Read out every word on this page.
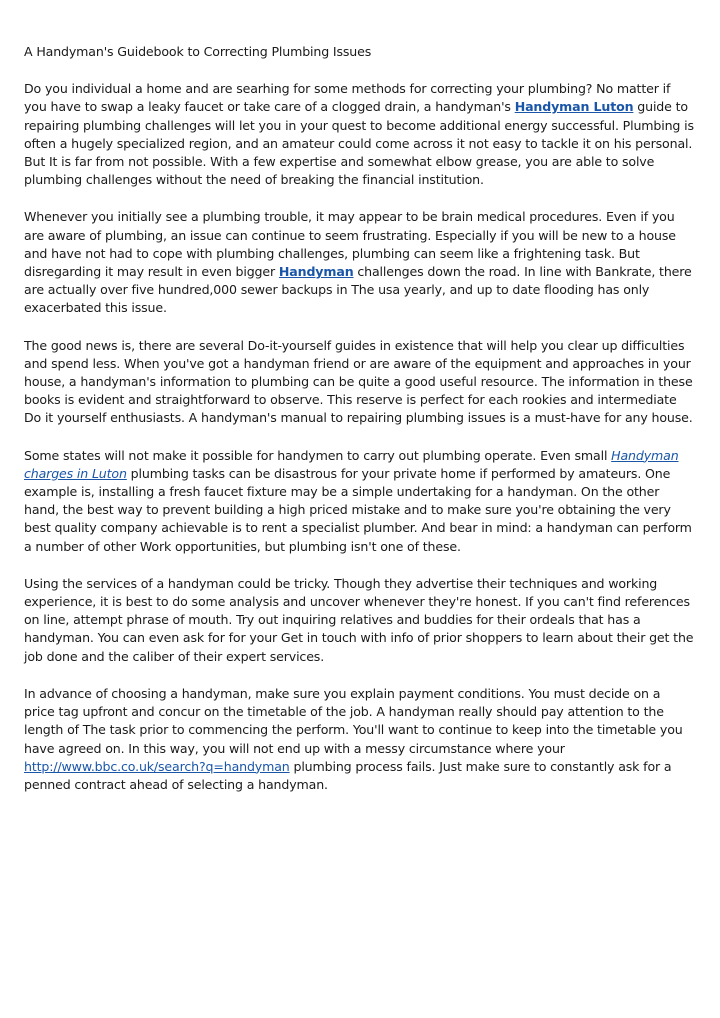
A Handyman's Guidebook to Correcting Plumbing Issues

Do you individual a home and are searhing for some methods for correcting your plumbing? No matter if you have to swap a leaky faucet or take care of a clogged drain, a handyman's Handyman Luton guide to repairing plumbing challenges will let you in your quest to become additional energy successful. Plumbing is often a hugely specialized region, and an amateur could come across it not easy to tackle it on his personal. But It is far from not possible. With a few expertise and somewhat elbow grease, you are able to solve plumbing challenges without the need of breaking the financial institution.

Whenever you initially see a plumbing trouble, it may appear to be brain medical procedures. Even if you are aware of plumbing, an issue can continue to seem frustrating. Especially if you will be new to a house and have not had to cope with plumbing challenges, plumbing can seem like a frightening task. But disregarding it may result in even bigger Handyman challenges down the road. In line with Bankrate, there are actually over five hundred,000 sewer backups in The usa yearly, and up to date flooding has only exacerbated this issue.

The good news is, there are several Do-it-yourself guides in existence that will help you clear up difficulties and spend less. When you've got a handyman friend or are aware of the equipment and approaches in your house, a handyman's information to plumbing can be quite a good useful resource. The information in these books is evident and straightforward to observe. This reserve is perfect for each rookies and intermediate Do it yourself enthusiasts. A handyman's manual to repairing plumbing issues is a must-have for any house.

Some states will not make it possible for handymen to carry out plumbing operate. Even small Handyman charges in Luton plumbing tasks can be disastrous for your private home if performed by amateurs. One example is, installing a fresh faucet fixture may be a simple undertaking for a handyman. On the other hand, the best way to prevent building a high priced mistake and to make sure you're obtaining the very best quality company achievable is to rent a specialist plumber. And bear in mind: a handyman can perform a number of other Work opportunities, but plumbing isn't one of these.

Using the services of a handyman could be tricky. Though they advertise their techniques and working experience, it is best to do some analysis and uncover whenever they're honest. If you can't find references on line, attempt phrase of mouth. Try out inquiring relatives and buddies for their ordeals that has a handyman. You can even ask for for your Get in touch with info of prior shoppers to learn about their get the job done and the caliber of their expert services.

In advance of choosing a handyman, make sure you explain payment conditions. You must decide on a price tag upfront and concur on the timetable of the job. A handyman really should pay attention to the length of The task prior to commencing the perform. You'll want to continue to keep into the timetable you have agreed on. In this way, you will not end up with a messy circumstance where your http://www.bbc.co.uk/search?q=handyman plumbing process fails. Just make sure to constantly ask for a penned contract ahead of selecting a handyman.
